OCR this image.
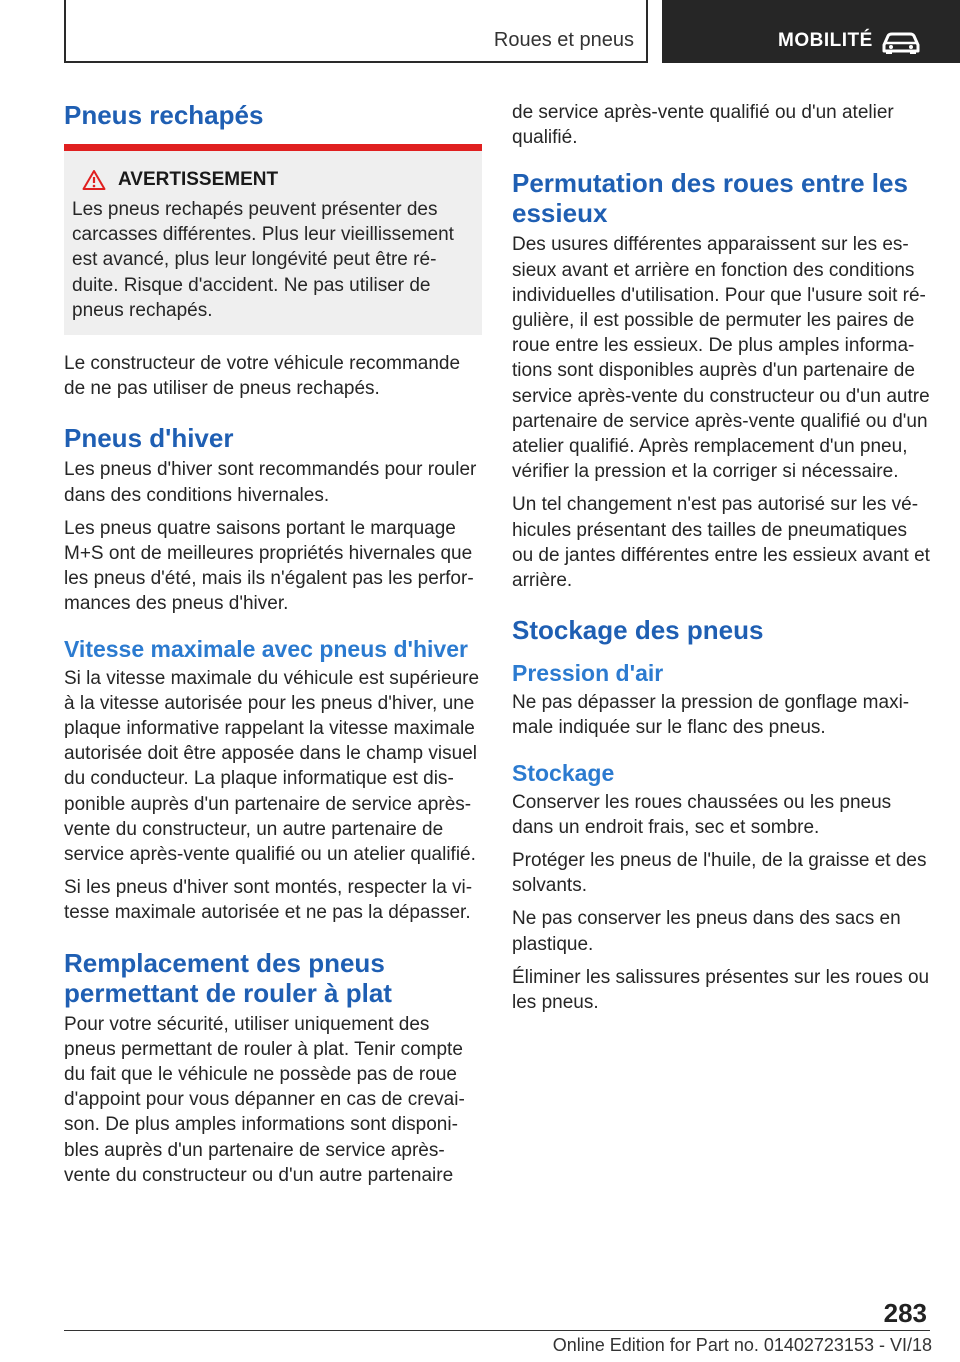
Roues et pneus	MOBILITÉ
Pneus rechapés
AVERTISSEMENT

Les pneus rechapés peuvent présenter des carcasses différentes. Plus leur vieillissement est avancé, plus leur longévité peut être réduite. Risque d'accident. Ne pas utiliser de pneus rechapés.

Le constructeur de votre véhicule recommande de ne pas utiliser de pneus rechapés.

Pneus d'hiver

Les pneus d'hiver sont recommandés pour rouler dans des conditions hivernales.

Les pneus quatre saisons portant le marquage M+S ont de meilleures propriétés hivernales que les pneus d'été, mais ils n'égalent pas les performances des pneus d'hiver.

Vitesse maximale avec pneus d'hiver

Si la vitesse maximale du véhicule est supérieure à la vitesse autorisée pour les pneus d'hiver, une plaque informative rappelant la vitesse maximale autorisée doit être apposée dans le champ visuel du conducteur. La plaque informatique est disponible auprès d'un partenaire de service après-vente du constructeur, un autre partenaire de service après-vente qualifié ou un atelier qualifié.

Si les pneus d'hiver sont montés, respecter la vitesse maximale autorisée et ne pas la dépasser.

Remplacement des pneus permettant de rouler à plat

Pour votre sécurité, utiliser uniquement des pneus permettant de rouler à plat. Tenir compte du fait que le véhicule ne possède pas de roue d'appoint pour vous dépanner en cas de crevaison. De plus amples informations sont disponibles auprès d'un partenaire de service après-vente du constructeur ou d'un autre partenaire

de service après-vente qualifié ou d'un atelier qualifié.

Permutation des roues entre les essieux

Des usures différentes apparaissent sur les essieux avant et arrière en fonction des conditions individuelles d'utilisation. Pour que l'usure soit régulière, il est possible de permuter les paires de roue entre les essieux. De plus amples informations sont disponibles auprès d'un partenaire de service après-vente du constructeur ou d'un autre partenaire de service après-vente qualifié ou d'un atelier qualifié. Après remplacement d'un pneu, vérifier la pression et la corriger si nécessaire.

Un tel changement n'est pas autorisé sur les véhicules présentant des tailles de pneumatiques ou de jantes différentes entre les essieux avant et arrière.

Stockage des pneus
Pression d'air

Ne pas dépasser la pression de gonflage maximale indiquée sur le flanc des pneus.

Stockage

Conserver les roues chaussées ou les pneus dans un endroit frais, sec et sombre.

Protéger les pneus de l'huile, de la graisse et des solvants.

Ne pas conserver les pneus dans des sacs en plastique.

Éliminer les salissures présentes sur les roues ou les pneus.

283
Online Edition for Part no. 01402723153 - VI/18
